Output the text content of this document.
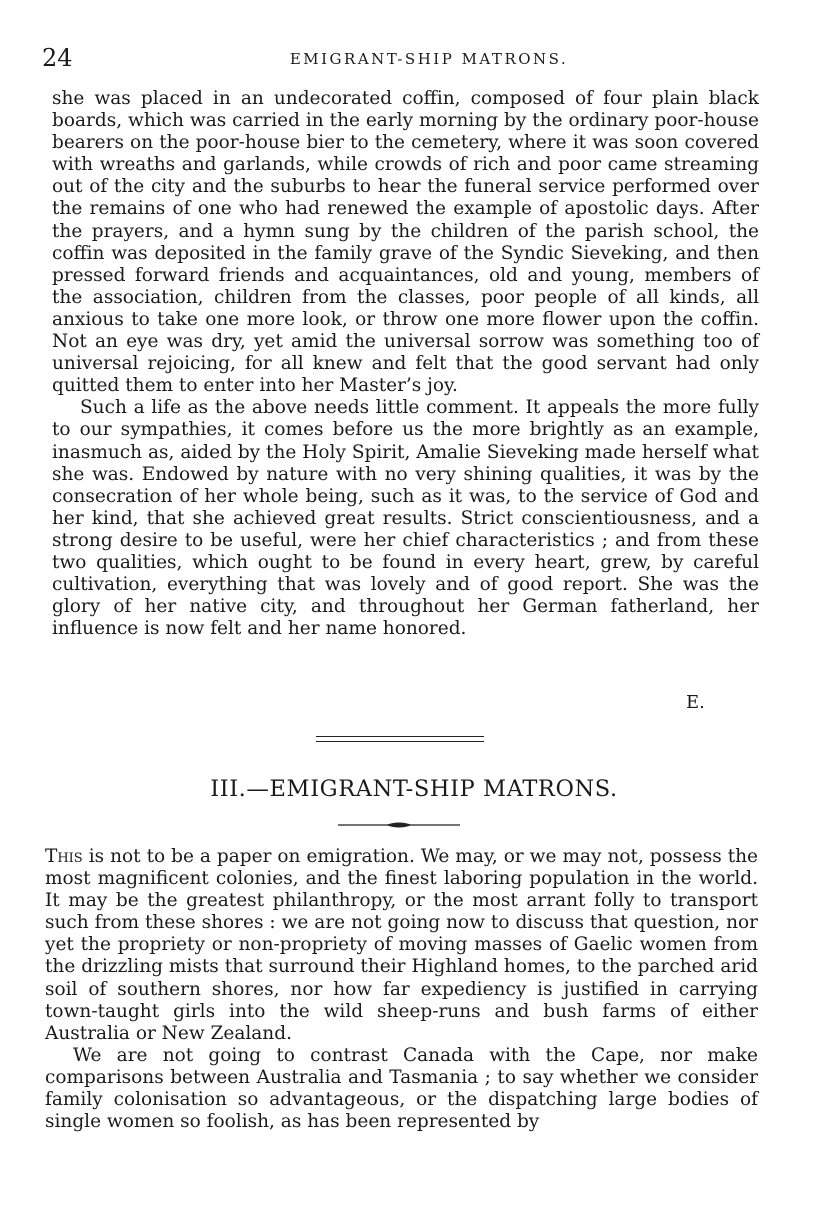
24	EMIGRANT-SHIP MATRONS.

she was placed in an undecorated coffin, composed of four plain black boards, which was carried in the early morning by the ordinary poor-house bearers on the poor-house bier to the cemetery, where it was soon covered with wreaths and garlands, while crowds of rich and poor came streaming out of the city and the suburbs to hear the funeral service performed over the remains of one who had renewed the example of apostolic days. After the prayers, and a hymn sung by the children of the parish school, the coffin was deposited in the family grave of the Syndic Sieveking, and then pressed forward friends and acquaintances, old and young, members of the association, children from the classes, poor people of all kinds, all anxious to take one more look, or throw one more flower upon the coffin. Not an eye was dry, yet amid the universal sorrow was something too of universal rejoicing, for all knew and felt that the good servant had only quitted them to enter into her Master’s joy.

Such a life as the above needs little comment. It appeals the more fully to our sympathies, it comes before us the more brightly as an example, inasmuch as, aided by the Holy Spirit, Amalie Sieveking made herself what she was. Endowed by nature with no very shining qualities, it was by the consecration of her whole being, such as it was, to the service of God and her kind, that she achieved great results. Strict conscientiousness, and a strong desire to be useful, were her chief characteristics ; and from these two qualities, which ought to be found in every heart, grew, by careful cultivation, everything that was lovely and of good report. She was the glory of her native city, and throughout her German fatherland, her influence is now felt and her name honored.

E.
III.—EMIGRANT-SHIP MATRONS.

This is not to be a paper on emigration. We may, or we may not, possess the most magnificent colonies, and the finest laboring population in the world. It may be the greatest philanthropy, or the most arrant folly to transport such from these shores : we are not going now to discuss that question, nor yet the propriety or non-propriety of moving masses of Gaelic women from the drizzling mists that surround their Highland homes, to the parched arid soil of southern shores, nor how far expediency is justified in carrying town-taught girls into the wild sheep-runs and bush farms of either Australia or New Zealand.

We are not going to contrast Canada with the Cape, nor make comparisons between Australia and Tasmania ; to say whether we consider family colonisation so advantageous, or the dispatching large bodies of single women so foolish, as has been represented by
